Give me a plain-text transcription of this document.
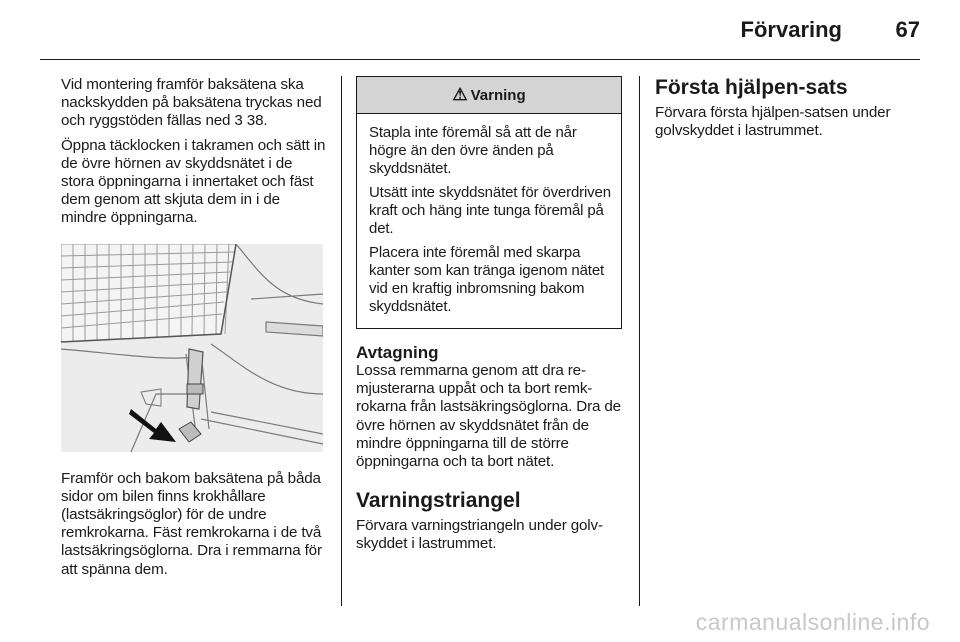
Förvaring 67

Vid montering framför baksätena ska nackskydden på baksätena tryckas ned och ryggstöden fällas ned 3 38.

Öppna täcklocken i takramen och sätt in de övre hörnen av skyddsnätet i de stora öppningarna i innertaket och fäst dem genom att skjuta dem in i de mindre öppningarna.

Framför och bakom baksätena på båda sidor om bilen finns krokhållare (lastsäkringsöglor) för de undre remkrokarna. Fäst remkrokarna i de två lastsäkringsöglorna. Dra i remmarna för att spänna dem.

⚠ Varning

Stapla inte föremål så att de når högre än den övre änden på skyddsnätet.

Utsätt inte skyddsnätet för överdriven kraft och häng inte tunga föremål på det.

Placera inte föremål med skarpa kanter som kan tränga igenom nätet vid en kraftig inbromsning bakom skyddsnätet.

Avtagning

Lossa remmarna genom att dra remjusterarna uppåt och ta bort remkrokarna från lastsäkringsöglorna. Dra de övre hörnen av skyddsnätet från de mindre öppningarna till de större öppningarna och ta bort nätet.

Varningstriangel

Förvara varningstriangeln under golvskyddet i lastrummet.

Första hjälpen-sats

Förvara första hjälpen-satsen under golvskyddet i lastrummet.

carmanualsonline.info
